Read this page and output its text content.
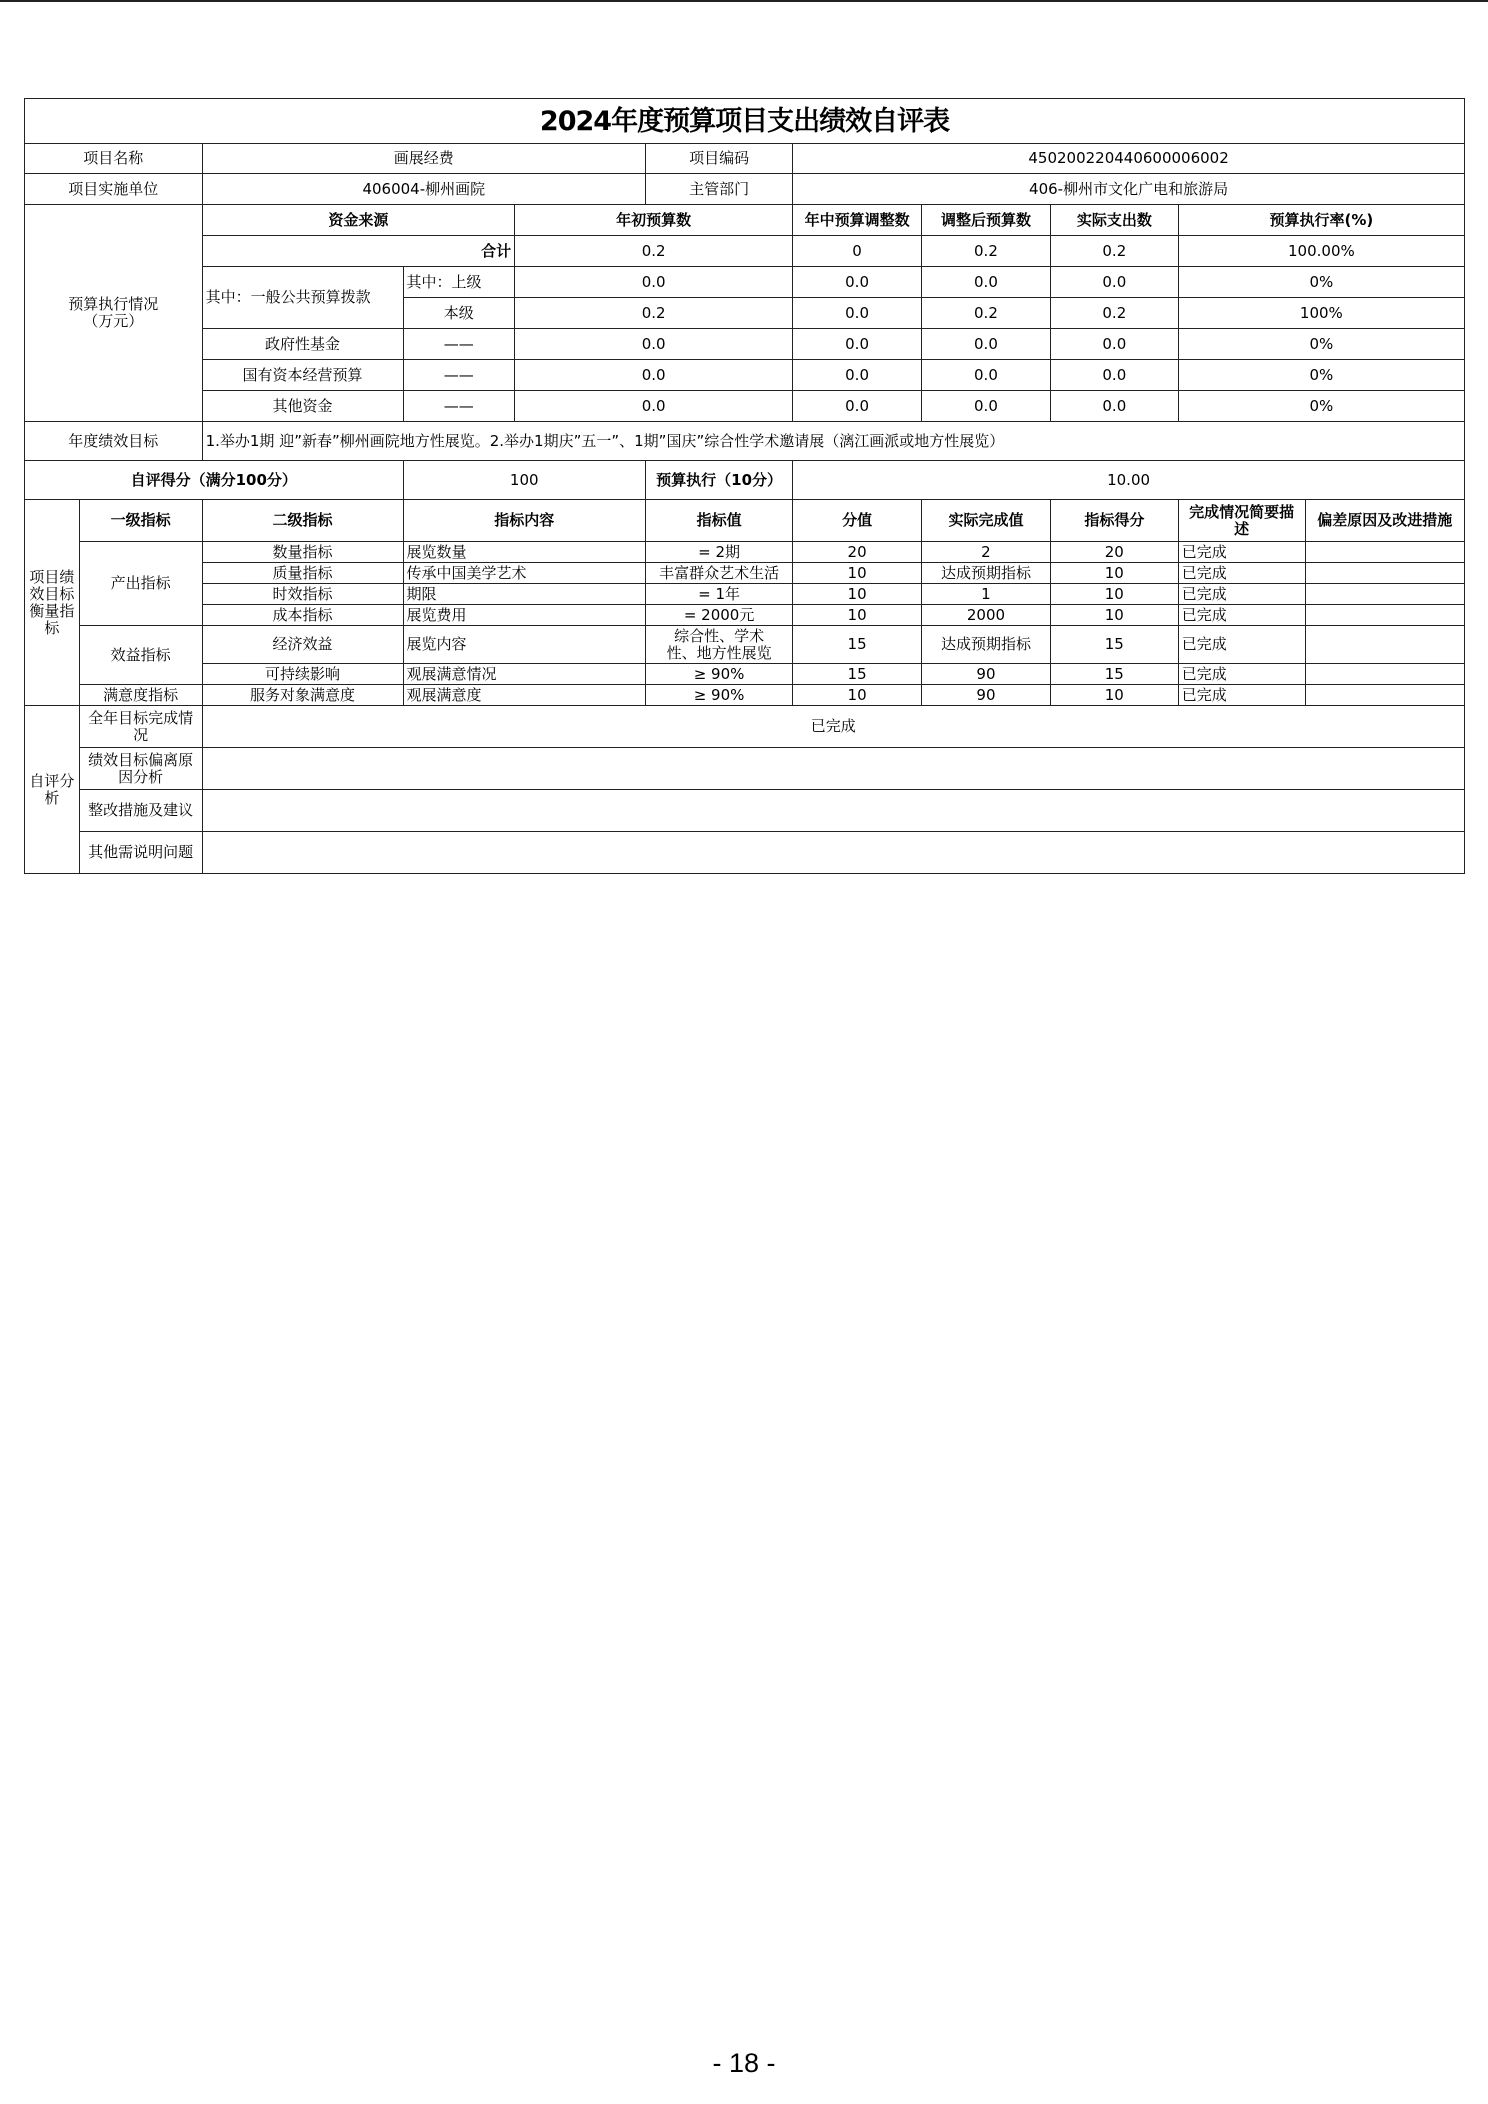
2024年度预算项目支出绩效自评表										
项目名称		画展经费			项目编码	450200220440600006002				
项目实施单位		406004-柳州画院			主管部门	406-柳州市文化广电和旅游局				
预算执行情况
（万元）		资金来源		年初预算数		年中预算调整数	调整后预算数	实际支出数	预算执行率(%)	
		合计		0.2		0	0.2	0.2	100.00%	
		其中：一般公共预算拨款	其中：上级	0.0		0.0	0.0	0.0	0%	
			本级	0.2		0.0	0.2	0.2	100%	
		政府性基金	——	0.0		0.0	0.0	0.0	0%	
		国有资本经营预算	——	0.0		0.0	0.0	0.0	0%	
		其他资金	——	0.0		0.0	0.0	0.0	0%	
年度绩效目标		1.举办1期 迎”新春”柳州画院地方性展览。2.举办1期庆”五一”、1期”国庆”综合性学术邀请展（漓江画派或地方性展览）								
自评得分（满分100分）			100		预算执行（10分）	10.00				
项目绩效目标衡量指标	一级指标	二级指标	指标内容		指标值	分值	实际完成值	指标得分	完成情况简要描述	偏差原因及改进措施
	产出指标	数量指标	展览数量		= 2期	20	2	20	已完成	
		质量指标	传承中国美学艺术		丰富群众艺术生活	10	达成预期指标	10	已完成	
		时效指标	期限		= 1年	10	1	10	已完成	
		成本指标	展览费用		= 2000元	10	2000	10	已完成	
	效益指标	经济效益	展览内容		综合性、学术性、地方性展览	15	达成预期指标	15	已完成	
		可持续影响	观展满意情况		≥ 90%	15	90	15	已完成	
	满意度指标	服务对象满意度	观展满意度		≥ 90%	10	90	10	已完成	
自评分析	全年目标完成情况	已完成								
	绩效目标偏离原因分析									
	整改措施及建议									
	其他需说明问题									
- 18 -
